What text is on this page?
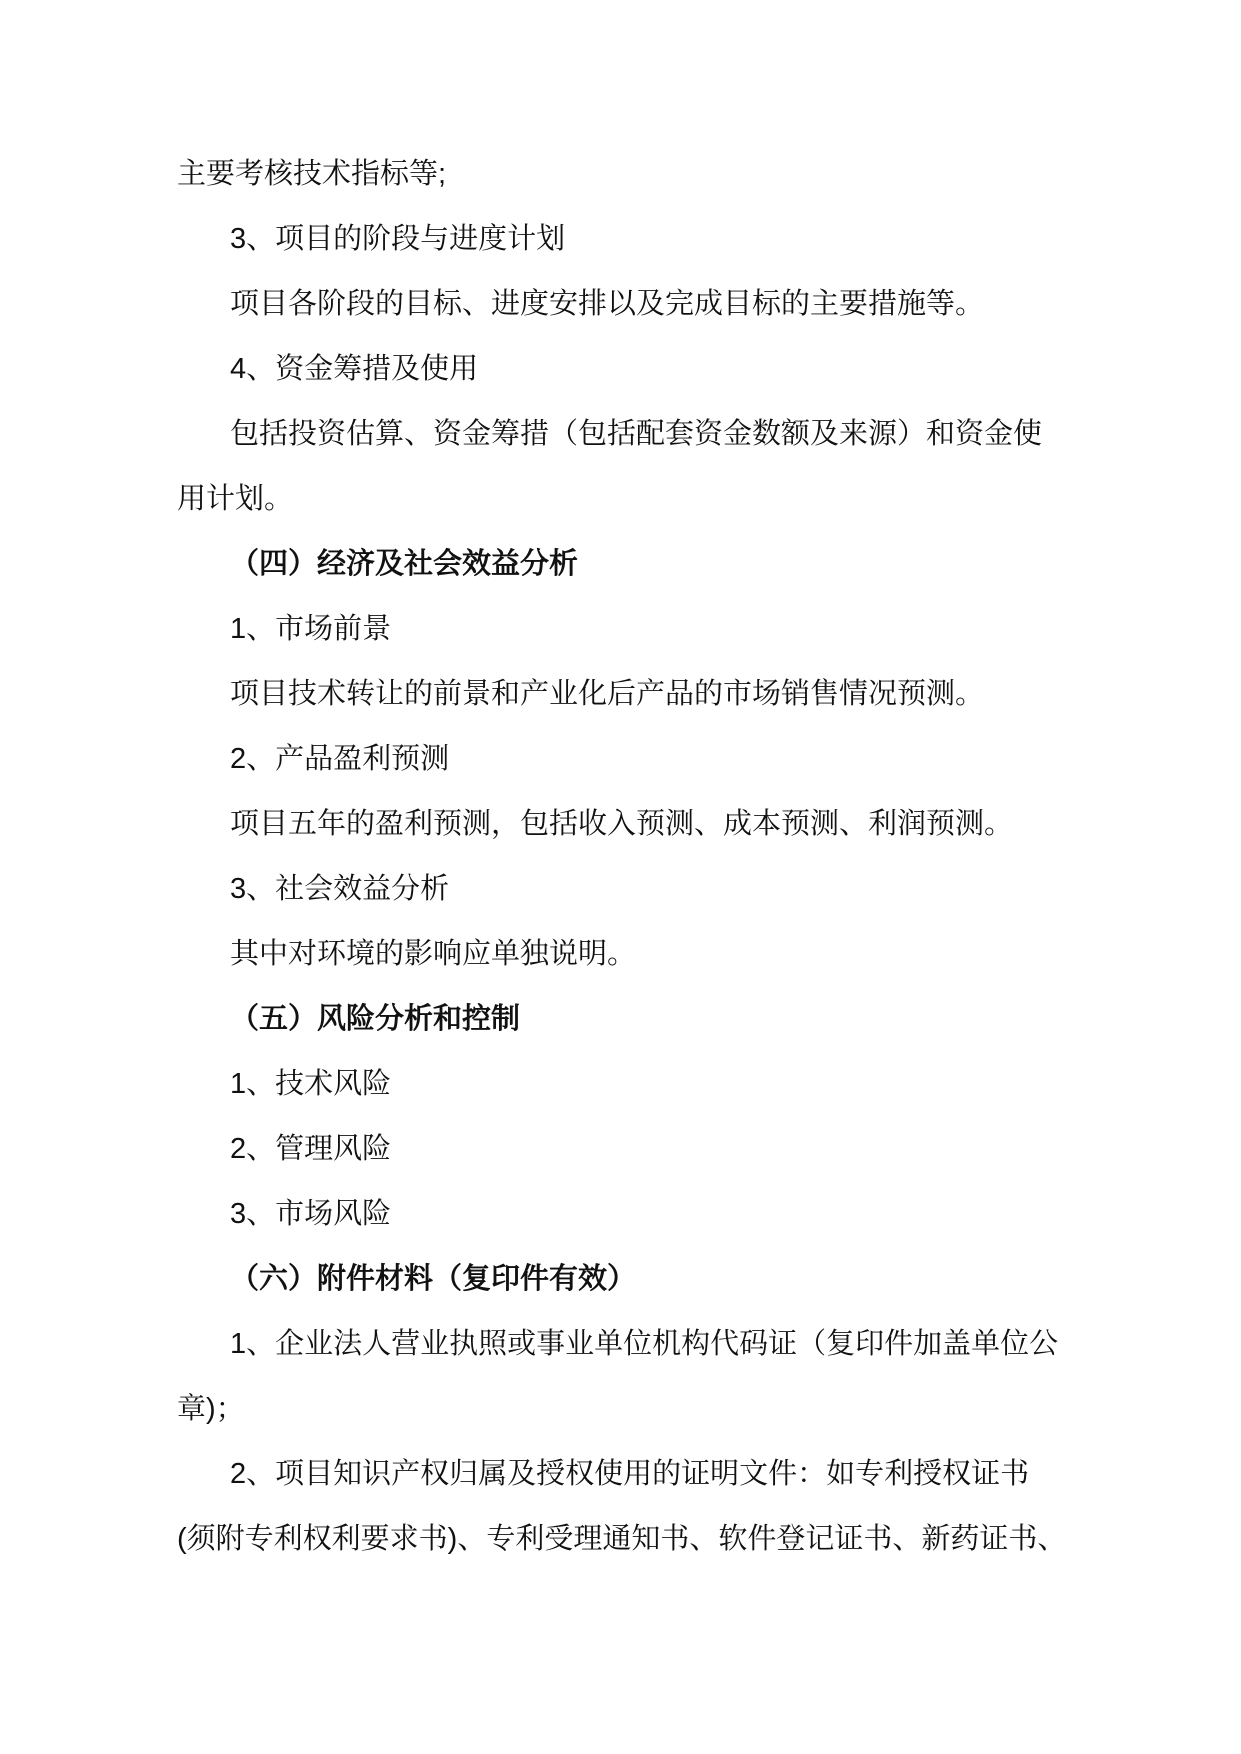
主要考核技术指标等;
3、项目的阶段与进度计划
项目各阶段的目标、进度安排以及完成目标的主要措施等。
4、资金筹措及使用
包括投资估算、资金筹措（包括配套资金数额及来源）和资金使
用计划。
（四）经济及社会效益分析
1、市场前景
项目技术转让的前景和产业化后产品的市场销售情况预测。
2、产品盈利预测
项目五年的盈利预测，包括收入预测、成本预测、利润预测。
3、社会效益分析
其中对环境的影响应单独说明。
（五）风险分析和控制
1、技术风险
2、管理风险
3、市场风险
（六）附件材料（复印件有效）
1、企业法人营业执照或事业单位机构代码证（复印件加盖单位公
章)；
2、项目知识产权归属及授权使用的证明文件：如专利授权证书
(须附专利权利要求书)、专利受理通知书、软件登记证书、新药证书、
